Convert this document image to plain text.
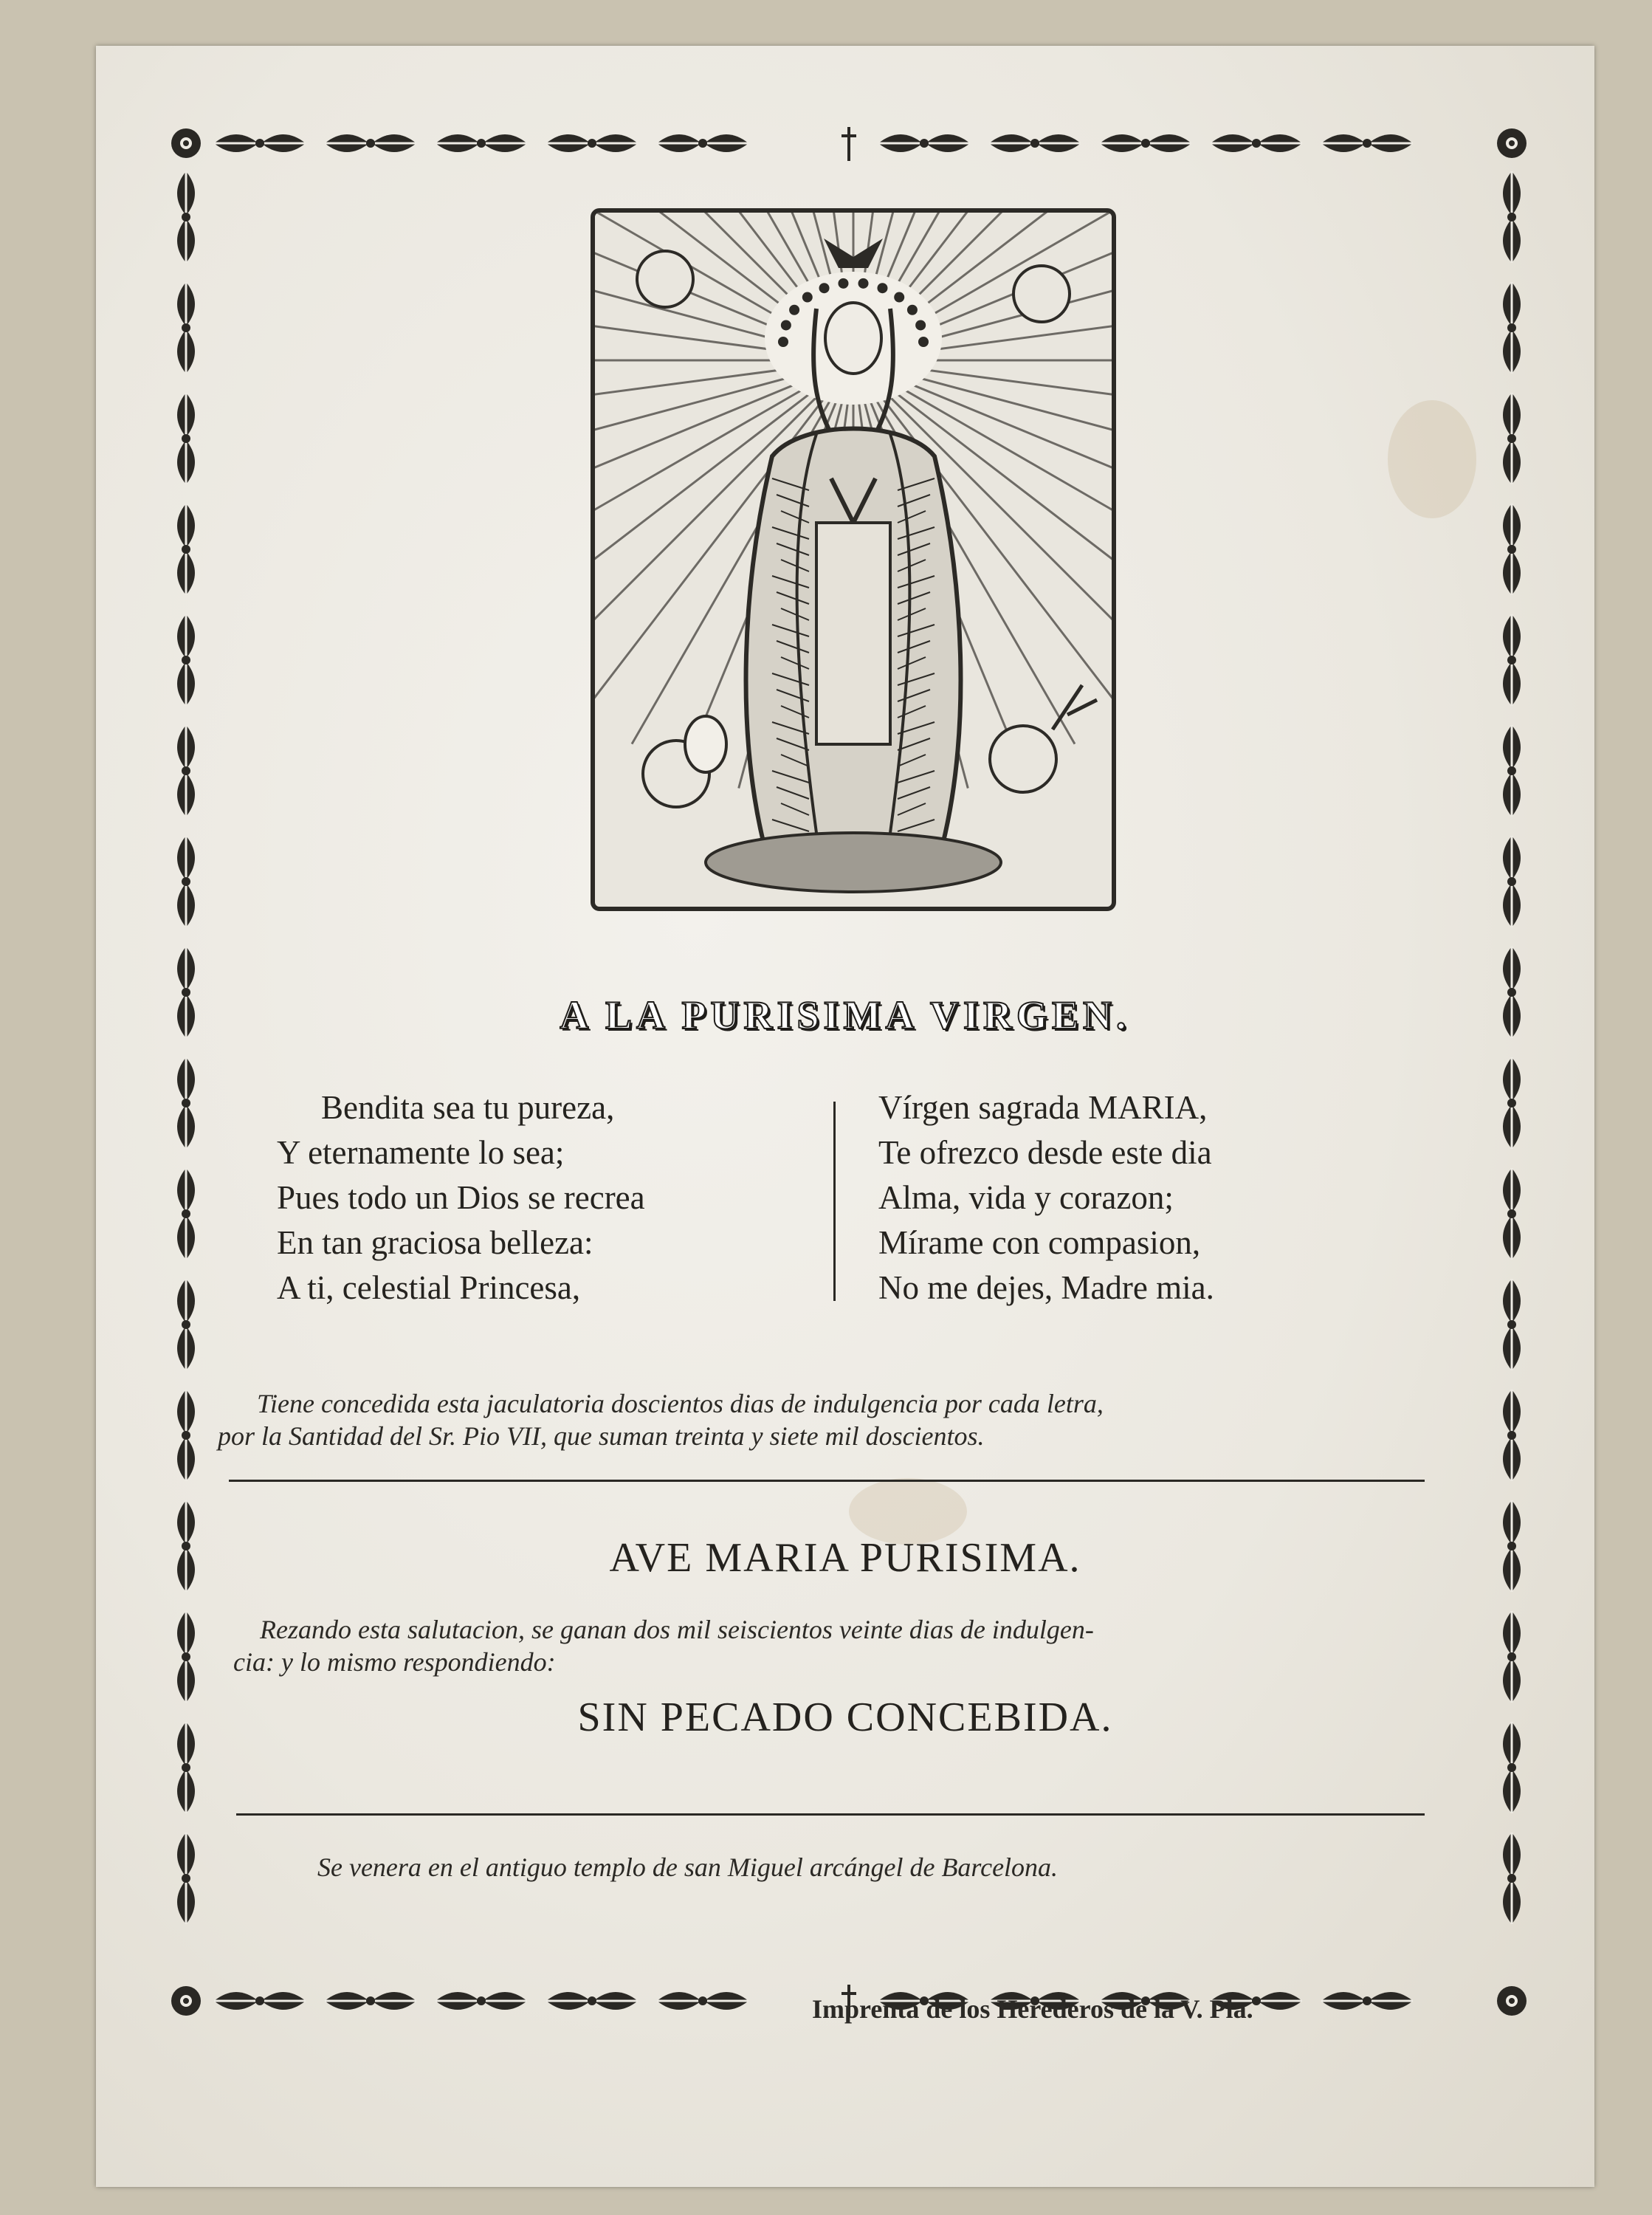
A LA PURISIMA VIRGEN.
Bendita sea tu pureza,
Y eternamente lo sea;
Pues todo un Dios se recrea
En tan graciosa belleza:
A ti, celestial Princesa,
Vírgen sagrada MARIA,
Te ofrezco desde este dia
Alma, vida y corazon;
Mírame con compasion,
No me dejes, Madre mia.
Tiene concedida esta jaculatoria doscientos dias de indulgencia por cada letra,
por la Santidad del Sr. Pio VII, que suman treinta y siete mil doscientos.
AVE MARIA PURISIMA.
Rezando esta salutacion, se ganan dos mil seiscientos veinte dias de indulgen-
cia: y lo mismo respondiendo:
SIN PECADO CONCEBIDA.
Se venera en el antiguo templo de san Miguel arcángel de Barcelona.
Imprenta de los Herederos de la V. Pla.
